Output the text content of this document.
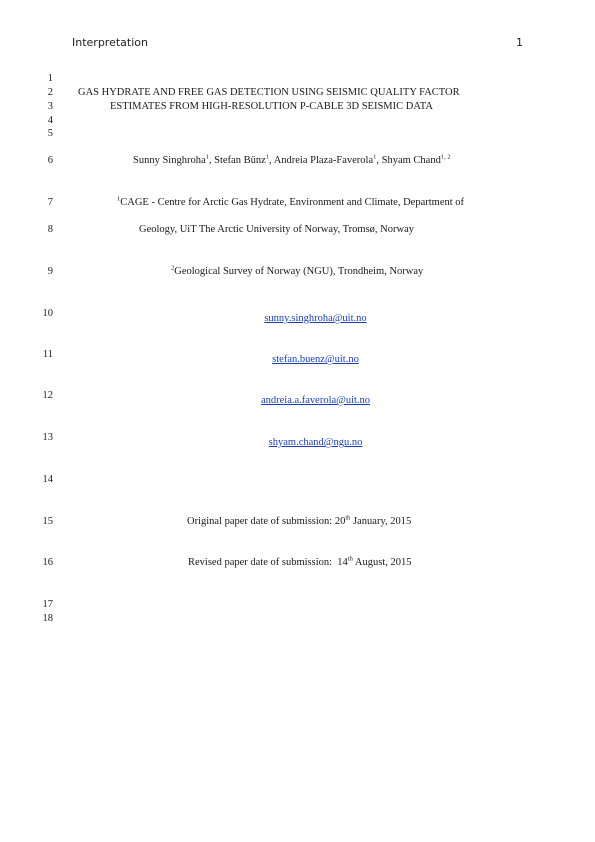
Interpretation	1
1
2
3
4
5
6
7
8
9
10
11
12
13
14
15
16
17
18
GAS HYDRATE AND FREE GAS DETECTION USING SEISMIC QUALITY FACTOR
ESTIMATES FROM HIGH-RESOLUTION P-CABLE 3D SEISMIC DATA
Sunny Singhroha$^1$, Stefan Bünz$^1$, Andreia Plaza-Faverola$^1$, Shyam Chand$^{1, 2}$
$^1$CAGE - Centre for Arctic Gas Hydrate, Environment and Climate, Department of
Geology, UiT The Arctic University of Norway, Tromsø, Norway
$^2$Geological Survey of Norway (NGU), Trondheim, Norway
sunny.singhroha@uit.no
stefan.buenz@uit.no
andreia.a.faverola@uit.no
shyam.chand@ngu.no
Original paper date of submission: 20th January, 2015
Revised paper date of submission:  14th August, 2015
